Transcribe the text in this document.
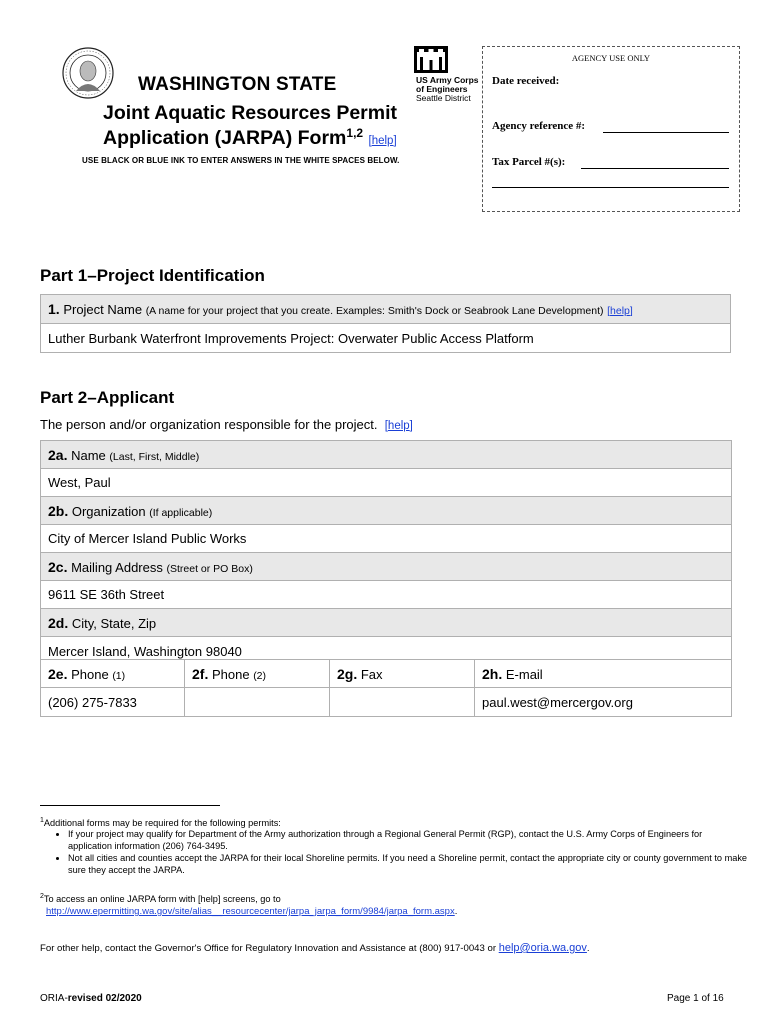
US Army Corps
of Engineers
Seattle District
WASHINGTON STATE
Joint Aquatic Resources Permit
Application (JARPA) Form$^{1,2}$ [help]
USE BLACK OR BLUE INK TO ENTER ANSWERS IN THE WHITE SPACES BELOW.
AGENCY USE ONLY
Date received:
Agency reference #:
Tax Parcel #(s):
Part 1–Project Identification
1. Project Name (A name for your project that you create. Examples: Smith's Dock or Seabrook Lane Development) [help]
Luther Burbank Waterfront Improvements Project: Overwater Public Access Platform
Part 2–Applicant
The person and/or organization responsible for the project. [help]
2a. Name (Last, First, Middle)			
West, Paul			
2b. Organization (If applicable)			
City of Mercer Island Public Works			
2c. Mailing Address (Street or PO Box)			
9611 SE 36th Street			
2d. City, State, Zip			
Mercer Island, Washington 98040			
2e. Phone (1)	2f. Phone (2)	2g. Fax	2h. E-mail
(206) 275-7833			paul.west@mercergov.org
$^1$Additional forms may be required for the following permits:
• If your project may qualify for Department of the Army authorization through a Regional General Permit (RGP), contact the U.S. Army Corps of Engineers for application information (206) 764-3495.
• Not all cities and counties accept the JARPA for their local Shoreline permits. If you need a Shoreline permit, contact the appropriate city or county government to make sure they accept the JARPA.
$^2$To access an online JARPA form with [help] screens, go to
http://www.epermitting.wa.gov/site/alias__resourcecenter/jarpa_jarpa_form/9984/jarpa_form.aspx.
For other help, contact the Governor's Office for Regulatory Innovation and Assistance at (800) 917-0043 or help@oria.wa.gov.
ORIA-revised 02/2020	Page 1 of 16
